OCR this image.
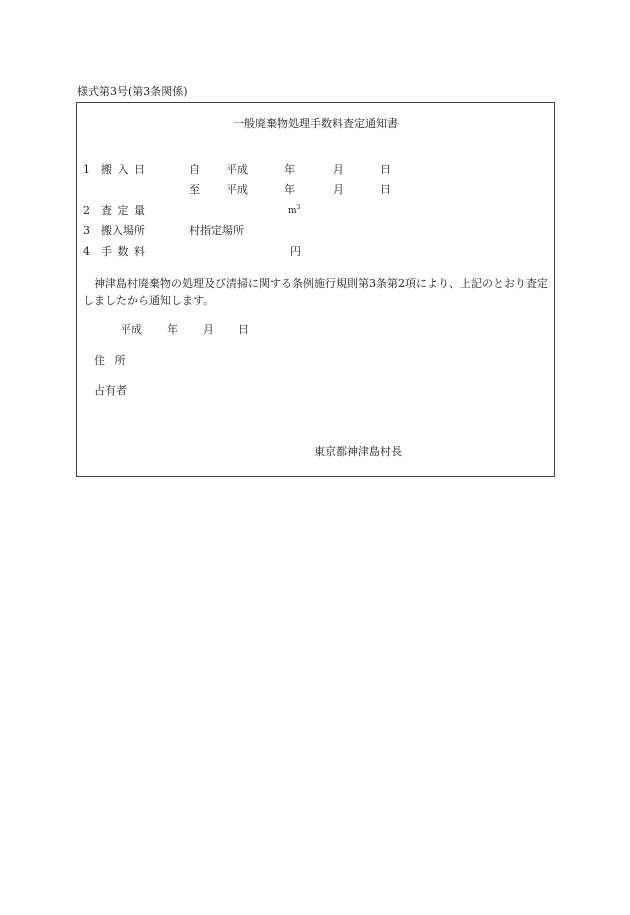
様式第3号(第3条関係)
一般廃棄物処理手数料査定通知書
1 搬 入 日	自 平成	年	月	日
至 平成	年	月	日
2 査 定 量	$m^3$
3 搬入場所	村指定場所
4 手 数 料	円
神津島村廃棄物の処理及び清掃に関する条例施行規則第3条第2項により、上記のとおり査定しましたから通知します。
平成 年 月 日
住 所
占有者
東京都神津島村長
